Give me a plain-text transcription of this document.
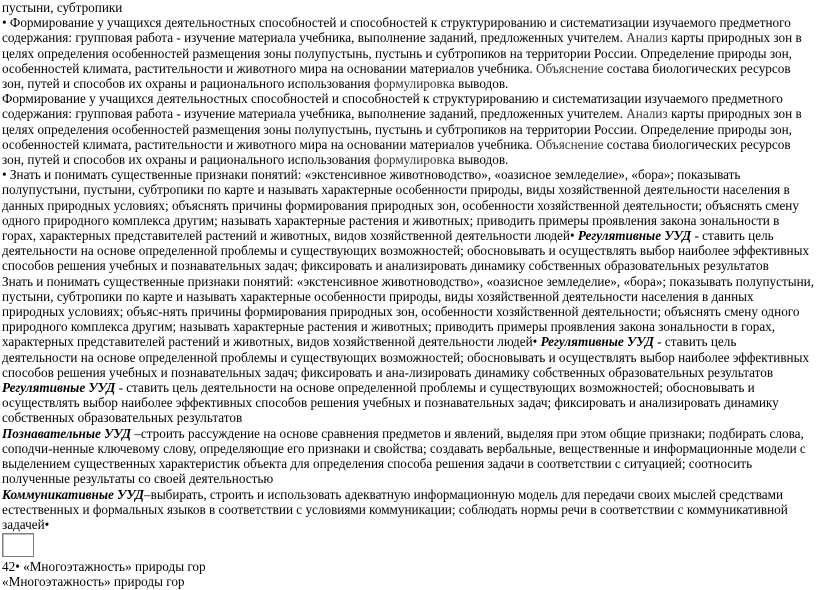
пустыни, субтропики

• Формирование у учащихся деятельностных способностей и способностей к структурированию и систематизации изучаемого предметного содержания: групповая работа - изучение материала учебника, выполнение заданий, предложенных учителем. Анализ карты природных зон в целях определения особенностей размещения зоны полупустынь, пустынь и субтропиков на территории России. Определение природы зон, особенностей климата, растительности и животного мира на основании материалов учебника. Объяснение состава биологических ресурсов зон, путей и способов их охраны и рационального использования формулировка выводов.

Формирование у учащихся деятельностных способностей и способностей к структурированию и систематизации изучаемого предметного содержания: групповая работа - изучение материала учебника, выполнение заданий, предложенных учителем. Анализ карты природных зон в целях определения особенностей размещения зоны полупустынь, пустынь и субтропиков на территории России. Определение природы зон, особенностей климата, растительности и животного мира на основании материалов учебника. Объяснение состава биологических ресурсов зон, путей и способов их охраны и рационального использования формулировка выводов.

• Знать и понимать существенные признаки понятий: «экстенсивное животноводство», «оазисное земледелие», «бора»; показывать полупустыни, пустыни, субтропики по карте и называть характерные особенности природы, виды хозяйственной деятельности населения в данных природных условиях; объяснять причины формирования природных зон, особенности хозяйственной деятельности; объяснять смену одного природного комплекса другим; называть характерные растения и животных; приводить примеры проявления закона зональности в горах, характерных представителей растений и животных, видов хозяйственной деятельности людей• Регулятивные УУД - ставить цель деятельности на основе определенной проблемы и существующих возможностей; обосновывать и осуществлять выбор наиболее эффективных способов решения учебных и познавательных задач; фиксировать и анализировать динамику собственных образовательных результатов

Знать и понимать существенные признаки понятий: «экстенсивное животноводство», «оазисное земледелие», «бора»; показывать полупустыни, пустыни, субтропики по карте и называть характерные особенности природы, виды хозяйственной деятельности населения в данных природных условиях; объяс-нять причины формирования природных зон, особенности хозяйственной деятельности; объяснять смену одного природного комплекса другим; называть характерные растения и животных; приводить примеры проявления закона зональности в горах, характерных представителей растений и животных, видов хозяйственной деятельности людей• Регулятивные УУД - ставить цель деятельности на основе определенной проблемы и существующих возможностей; обосновывать и осуществлять выбор наиболее эффективных способов решения учебных и познавательных задач; фиксировать и ана-лизировать динамику собственных образовательных результатов

Регулятивные УУД - ставить цель деятельности на основе определенной проблемы и существующих возможностей; обосновывать и осуществлять выбор наиболее эффективных способов решения учебных и познавательных задач; фиксировать и анализировать динамику собственных образовательных результатов

Познавательные УУД –строить рассуждение на основе сравнения предметов и явлений, выделяя при этом общие признаки; подбирать слова, соподчи-ненные ключевому слову, определяющие его признаки и свойства; создавать вербальные, вещественные и информационные модели с выделением существенных характеристик объекта для определения способа решения задачи в соответствии с ситуацией; соотносить полученные результаты со своей деятельностью

Коммуникативные УУД–выбирать, строить и использовать адекватную информационную модель для передачи своих мыслей средствами естественных и формальных языков в соответствии с условиями коммуникации; соблюдать нормы речи в соответствии с коммуникативной задачей•

42• «Многоэтажность» природы гор

«Многоэтажность» природы гор
